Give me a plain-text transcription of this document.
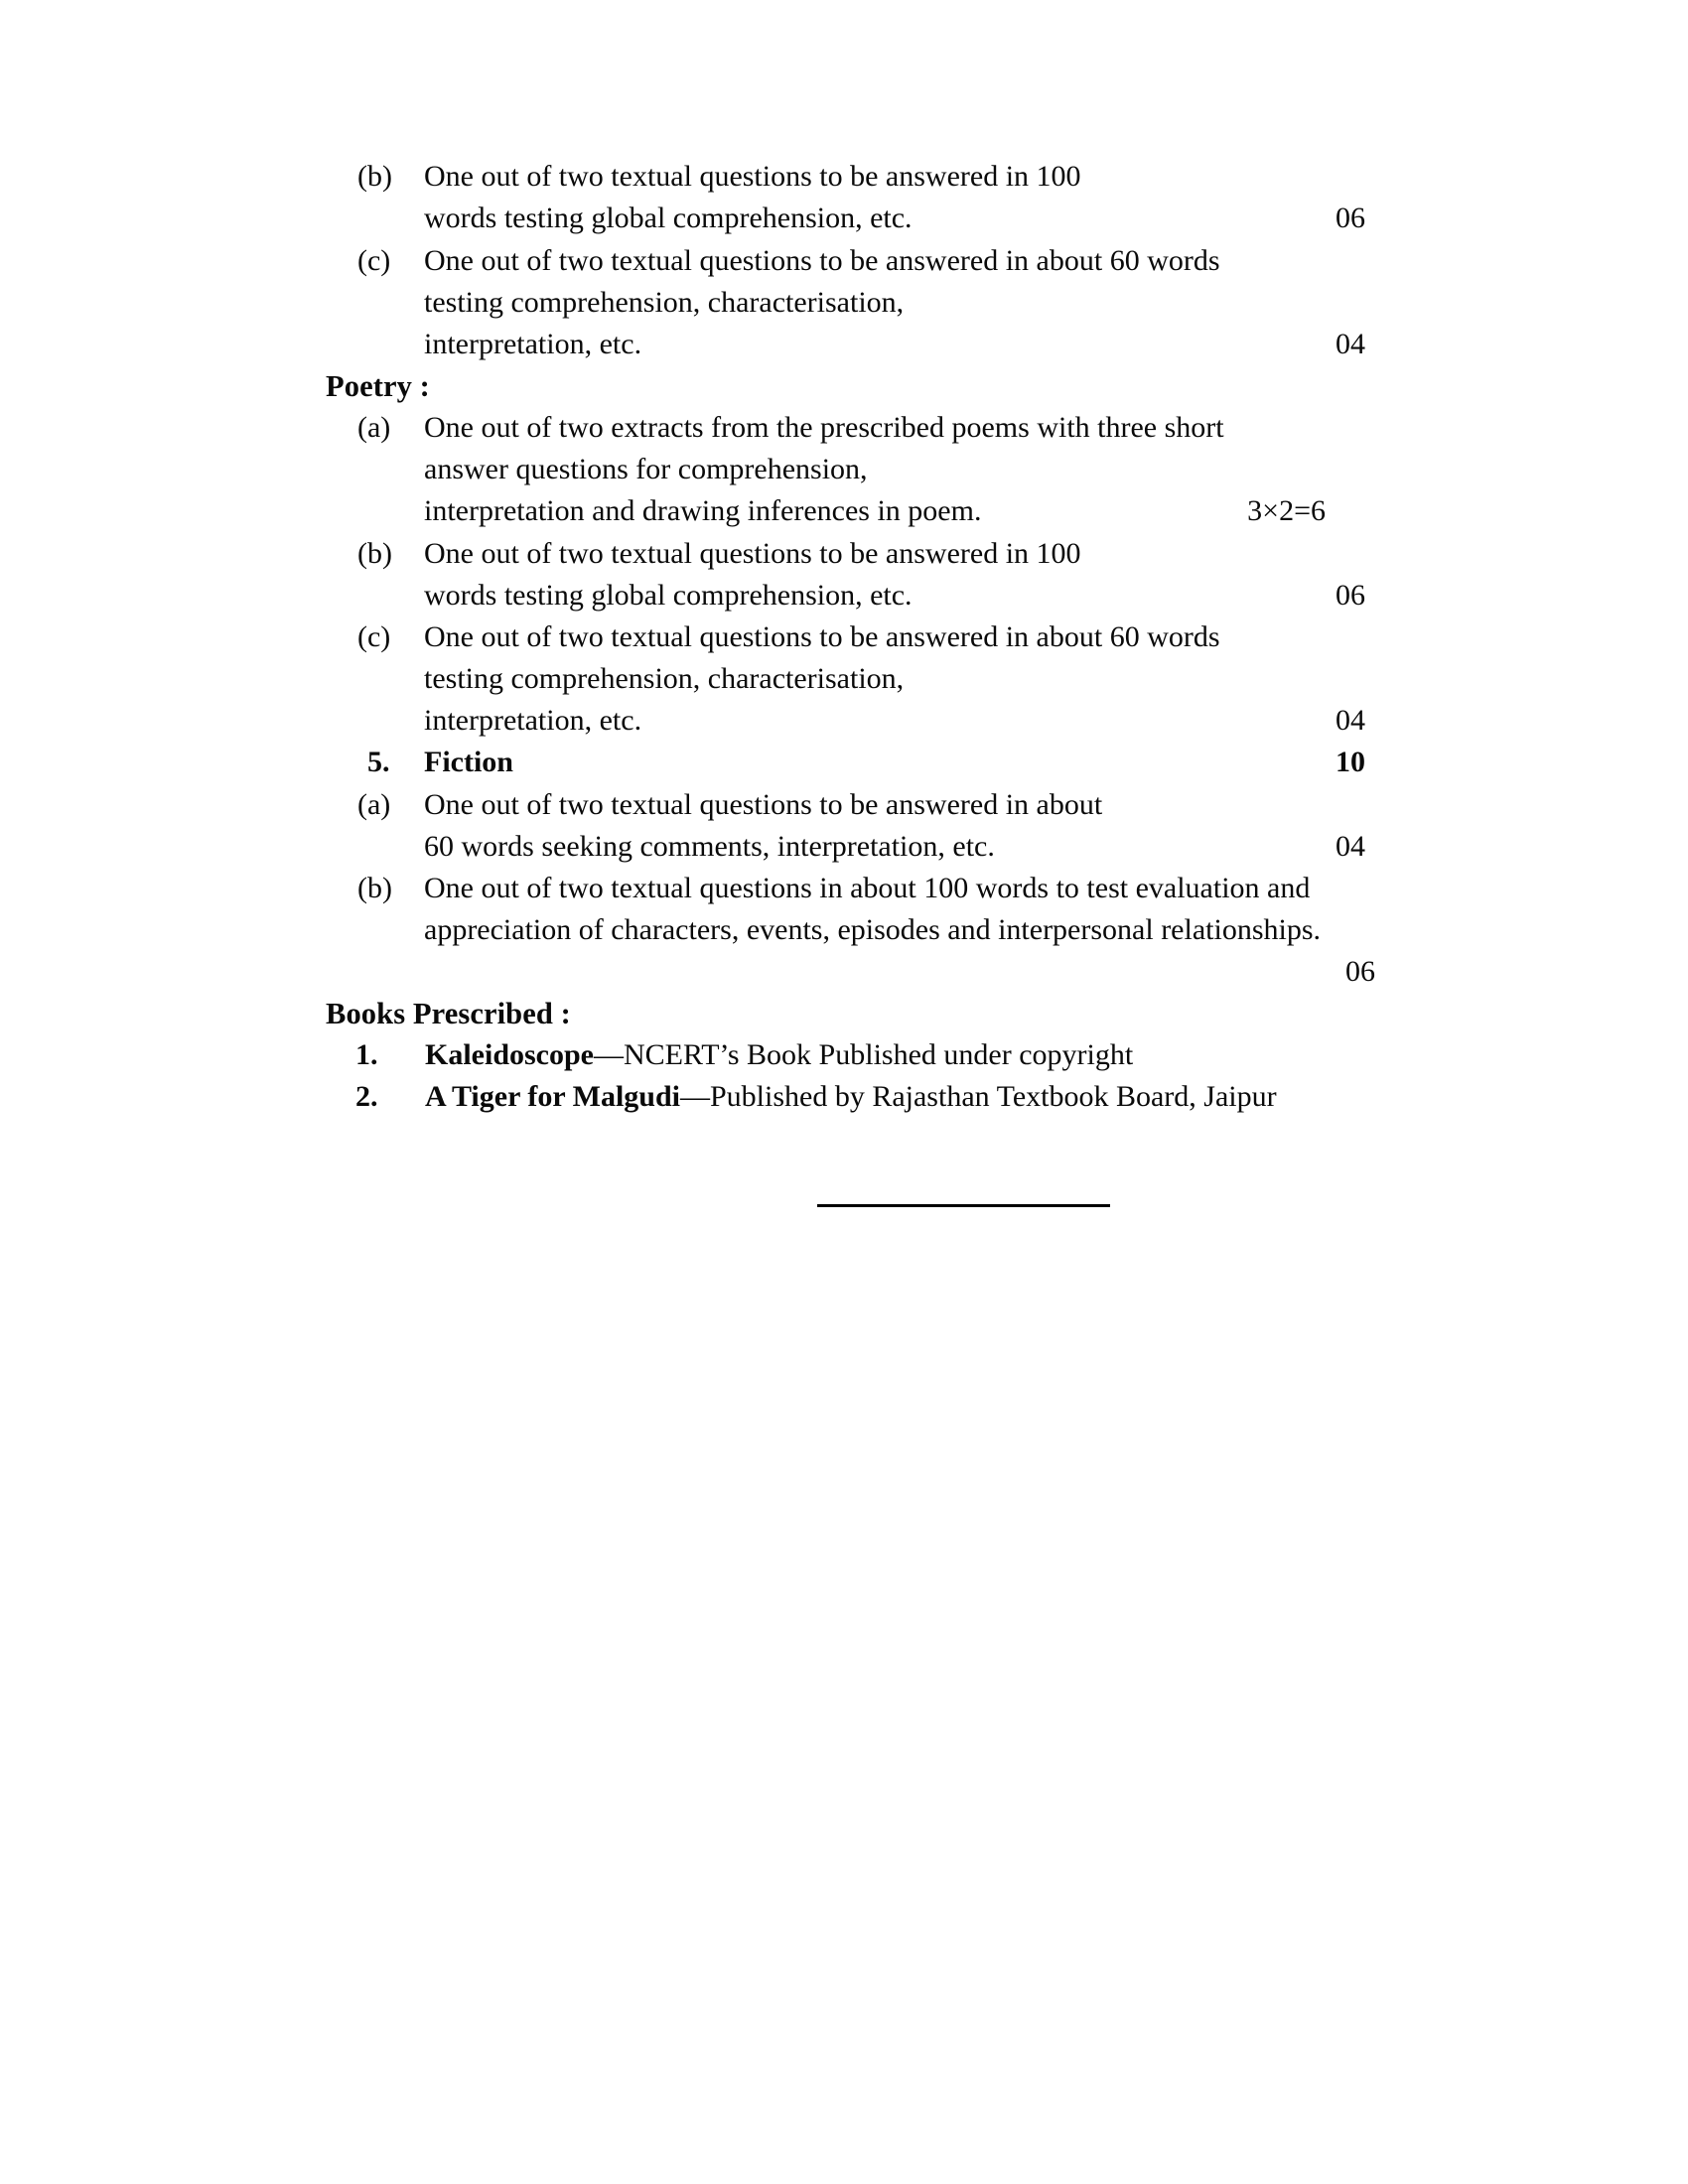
(b)	One out of two textual questions to be answered in 100
words testing global comprehension, etc.	06
(c)	One out of two textual questions to be answered in about 60 words
testing comprehension, characterisation,
interpretation, etc.	04
Poetry :
(a)	One out of two extracts from the prescribed poems with three short
answer questions for comprehension,
interpretation and drawing inferences in poem.	3×2=6
(b)	One out of two textual questions to be answered in 100
words testing global comprehension, etc.	06
(c)	One out of two textual questions to be answered in about 60 words
testing comprehension, characterisation,
interpretation, etc.	04
5.	Fiction	10
(a)	One out of two textual questions to be answered in about
60 words seeking comments, interpretation, etc.	04
(b)	One out of two textual questions in about 100 words to test evaluation and
appreciation of characters, events, episodes and interpersonal relationships.
06
Books Prescribed :
1.	Kaleidoscope —NCERT’s Book Published under copyright
2.	A Tiger for Malgudi —Published by Rajasthan Textbook Board, Jaipur
